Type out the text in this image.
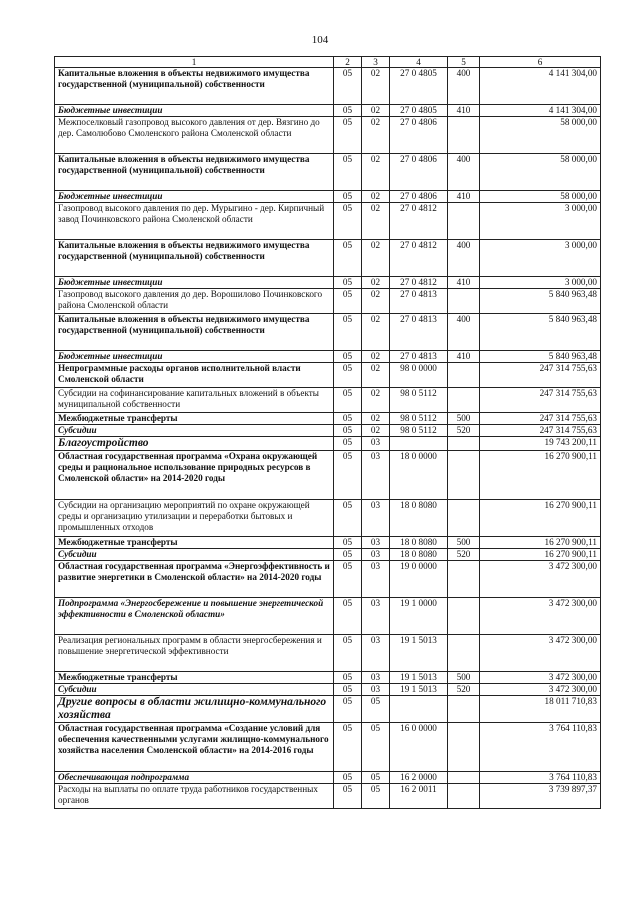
104
1	2	3	4	5	6
Капитальные вложения в объекты недвижимого имущества государственной (муниципальной) собственности	05	02	27 0 4805	400	4 141 304,00
Бюджетные инвестиции	05	02	27 0 4805	410	4 141 304,00
Межпоселковый газопровод высокого давления от дер. Вязгино до дер. Самолюбово Смоленского района Смоленской области	05	02	27 0 4806		58 000,00
Капитальные вложения в объекты недвижимого имущества государственной (муниципальной) собственности	05	02	27 0 4806	400	58 000,00
Бюджетные инвестиции	05	02	27 0 4806	410	58 000,00
Газопровод высокого давления по дер. Мурыгино - дер. Кирпичный завод Починковского района Смоленской области	05	02	27 0 4812		3 000,00
Капитальные вложения в объекты недвижимого имущества государственной (муниципальной) собственности	05	02	27 0 4812	400	3 000,00
Бюджетные инвестиции	05	02	27 0 4812	410	3 000,00
Газопровод высокого давления до дер. Ворошилово Починковского района Смоленской области	05	02	27 0 4813		5 840 963,48
Капитальные вложения в объекты недвижимого имущества государственной (муниципальной) собственности	05	02	27 0 4813	400	5 840 963,48
Бюджетные инвестиции	05	02	27 0 4813	410	5 840 963,48
Непрограммные расходы органов исполнительной власти Смоленской области	05	02	98 0 0000		247 314 755,63
Субсидии на софинансирование капитальных вложений в объекты муниципальной собственности	05	02	98 0 5112		247 314 755,63
Межбюджетные трансферты	05	02	98 0 5112	500	247 314 755,63
Субсидии	05	02	98 0 5112	520	247 314 755,63
Благоустройство	05	03			19 743 200,11
Областная государственная программа «Охрана окружающей среды и рациональное использование природных ресурсов в Смоленской области» на 2014-2020 годы	05	03	18 0 0000		16 270 900,11
Субсидии на организацию мероприятий по охране окружающей среды и организацию утилизации и переработки бытовых и промышленных отходов	05	03	18 0 8080		16 270 900,11
Межбюджетные трансферты	05	03	18 0 8080	500	16 270 900,11
Субсидии	05	03	18 0 8080	520	16 270 900,11
Областная государственная программа «Энергоэффективность и развитие энергетики в Смоленской области» на 2014-2020 годы	05	03	19 0 0000		3 472 300,00
Подпрограмма «Энергосбережение и повышение энергетической эффективности в Смоленской области»	05	03	19 1 0000		3 472 300,00
Реализация региональных программ в области энергосбережения и повышение энергетической эффективности	05	03	19 1 5013		3 472 300,00
Межбюджетные трансферты	05	03	19 1 5013	500	3 472 300,00
Субсидии	05	03	19 1 5013	520	3 472 300,00
Другие вопросы в области жилищно-коммунального хозяйства	05	05			18 011 710,83
Областная государственная программа «Создание условий для обеспечения качественными услугами жилищно-коммунального хозяйства населения Смоленской области» на 2014-2016 годы	05	05	16 0 0000		3 764 110,83
Обеспечивающая подпрограмма	05	05	16 2 0000		3 764 110,83
Расходы на выплаты по оплате труда работников государственных органов	05	05	16 2 0011		3 739 897,37
